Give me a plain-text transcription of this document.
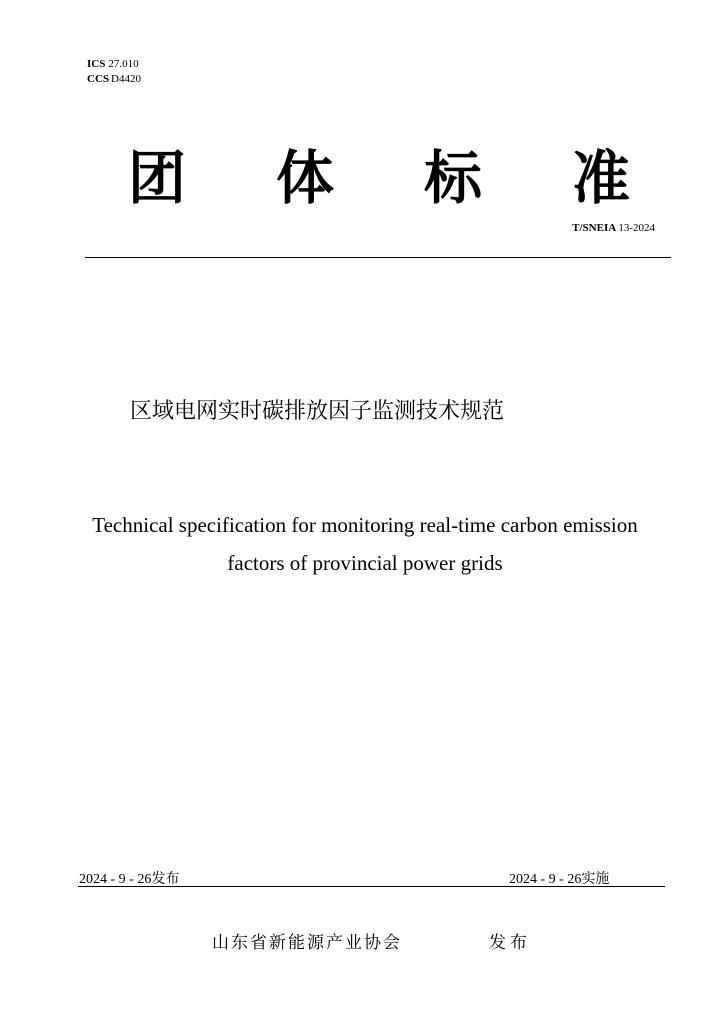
ICS 27.010
CCS D4420
团 体 标 准
T/SNEIA 13-2024
区域电网实时碳排放因子监测技术规范
Technical specification for monitoring real-time carbon emission
factors of provincial power grids
2024 - 9 - 26发布	2024 - 9 - 26实施
山东省新能源产业协会	发布
